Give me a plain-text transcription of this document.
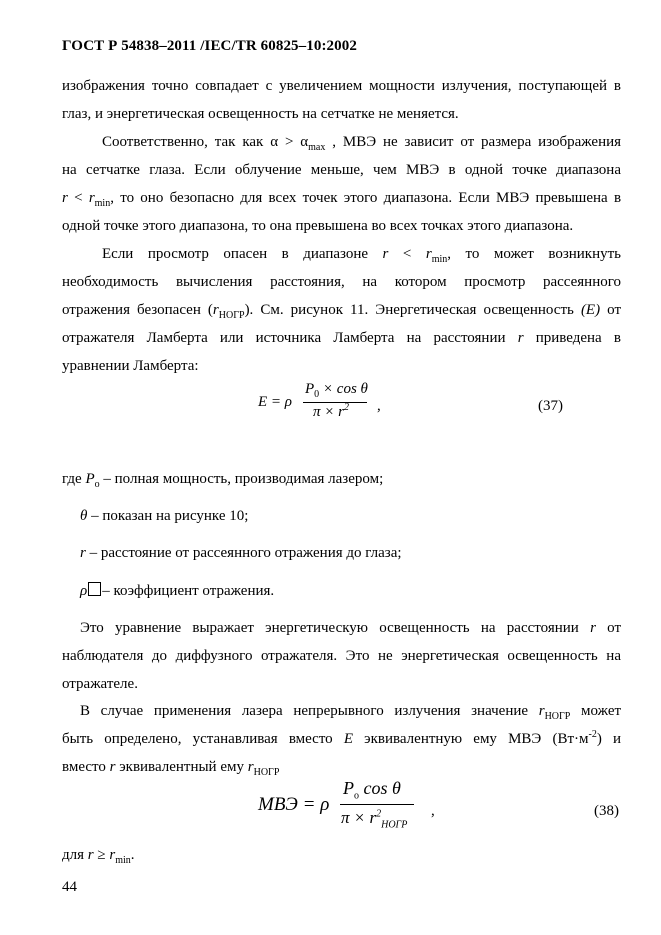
ГОСТ Р 54838–2011 /IEC/TR 60825–10:2002
изображения точно совпадает с увеличением мощности излучения, поступающей в
глаз, и энергетическая освещенность на сетчатке не меняется.
Соответственно, так как $\alpha > \alpha_{max}$ , МВЭ не зависит от размера изображения
на сетчатке глаза. Если облучение меньше, чем МВЭ в одной точке диапазона
$r < r_{min}$, то оно безопасно для всех точек этого диапазона. Если МВЭ превышена в
одной точке этого диапазона, то она превышена во всех точках этого диапазона.
Если просмотр опасен в диапазоне $r < r_{min}$, то может возникнуть
необходимость вычисления расстояния, на котором просмотр рассеянного
отражения безопасен $(r_{НОГР})$. См. рисунок 11. Энергетическая освещенность (E) от
отражателя Ламберта или источника Ламберта на расстоянии r приведена в
уравнении Ламберта:
E = ρ
$P_0 \times \cos \theta$
$\pi \times r^2$ ,	(37)
где $P_o$ – полная мощность, производимая лазером;
θ – показан на рисунке 10;
r – расстояние от рассеянного отражения до глаза;
ρ – коэффициент отражения.
Это уравнение выражает энергетическую освещенность на расстоянии r от
наблюдателя до диффузного отражателя. Это не энергетическая освещенность на
отражателе.
В случае применения лазера непрерывного излучения значение $r_{НОГР}$ может
быть определено, устанавливая вместо E эквивалентную ему МВЭ $(Вт\cdot м^{-2})$ и
вместо r эквивалентный ему $r_{НОГР}$
МВЭ = ρ
$P_o$ cos θ
$\pi \times r^2_{НОГР}$
,	(38)
для $r \ge r_{min}$.
44
